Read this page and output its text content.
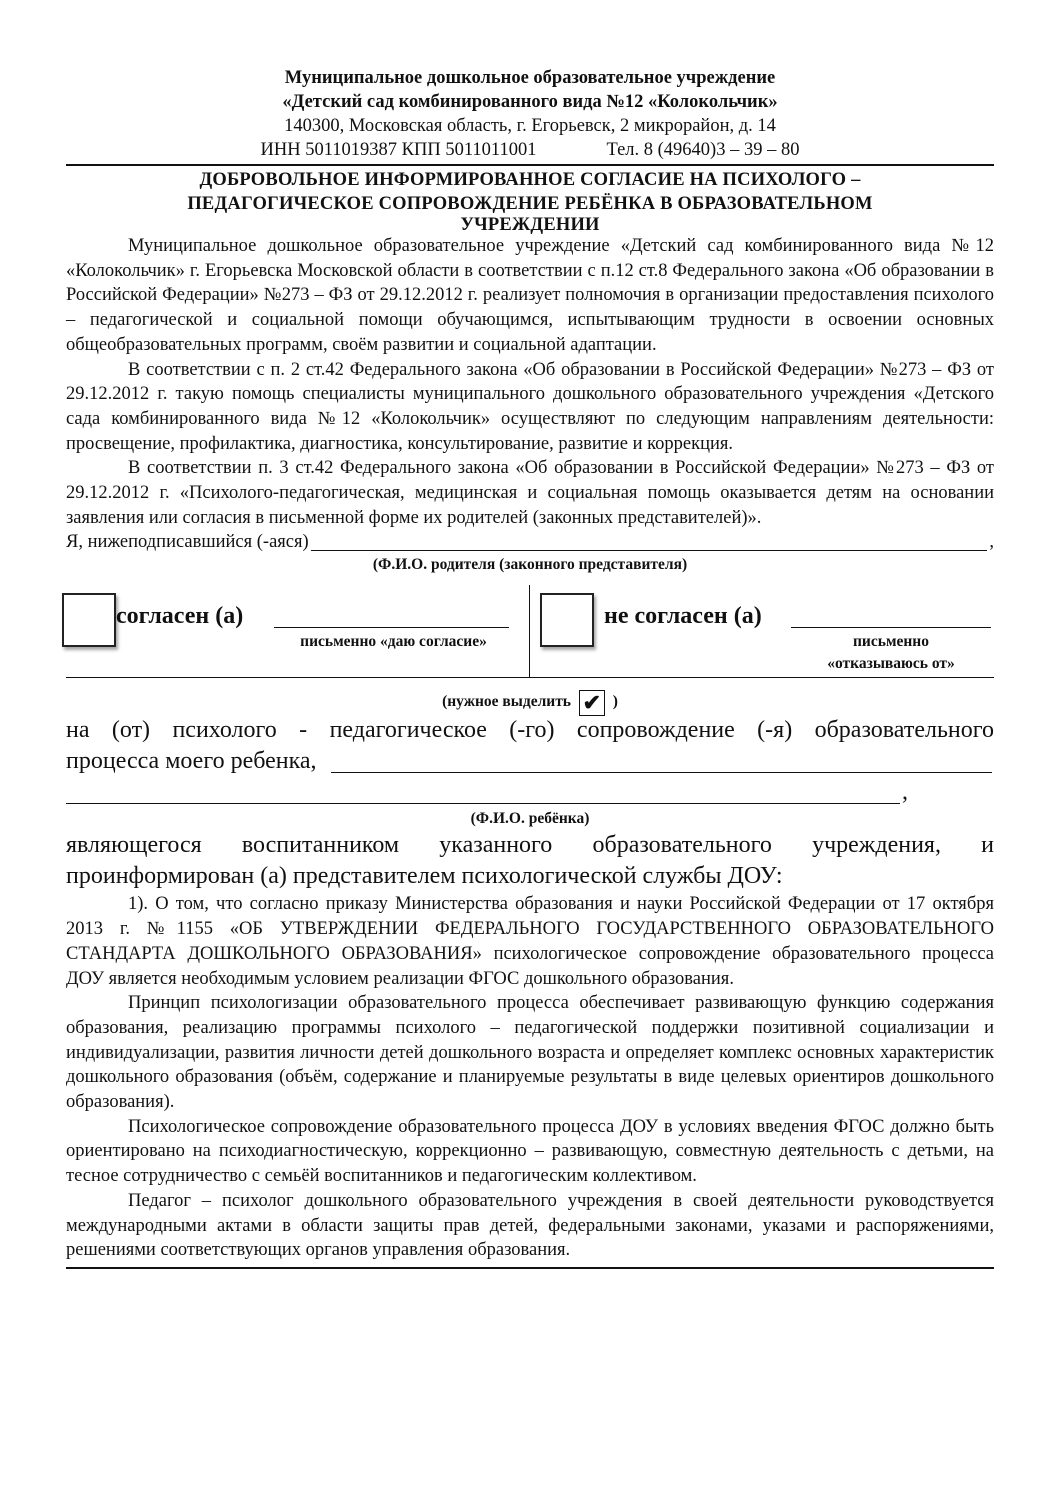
Муниципальное дошкольное образовательное учреждение
«Детский сад комбинированного вида №12 «Колокольчик»
140300, Московская область, г. Егорьевск, 2 микрорайон, д. 14
ИНН 5011019387 КПП 5011011001	Тел. 8 (49640)3 – 39 – 80
ДОБРОВОЛЬНОЕ ИНФОРМИРОВАННОЕ СОГЛАСИЕ НА ПСИХОЛОГО –
ПЕДАГОГИЧЕСКОЕ СОПРОВОЖДЕНИЕ РЕБЁНКА В ОБРАЗОВАТЕЛЬНОМ
УЧРЕЖДЕНИИ

Муниципальное дошкольное образовательное учреждение «Детский сад комбинированного вида №12 «Колокольчик» г. Егорьевска Московской области в соответствии с п.12 ст.8 Федерального закона «Об образовании в Российской Федерации» №273 – ФЗ от 29.12.2012 г. реализует полномочия в организации предоставления психолого – педагогической и социальной помощи обучающимся, испытывающим трудности в освоении основных общеобразовательных программ, своём развитии и социальной адаптации.

В соответствии с п. 2 ст.42 Федерального закона «Об образовании в Российской Федерации» №273 – ФЗ от 29.12.2012 г. такую помощь специалисты муниципального дошкольного образовательного учреждения «Детского сада комбинированного вида №12 «Колокольчик» осуществляют по следующим направлениям деятельности: просвещение, профилактика, диагностика, консультирование, развитие и коррекция.

В соответствии п. 3 ст.42 Федерального закона «Об образовании в Российской Федерации» №273 – ФЗ от 29.12.2012 г. «Психолого-педагогическая, медицинская и социальная помощь оказывается детям на основании заявления или согласия в письменной форме их родителей (законных представителей)».

Я, нижеподписавшийся (-аяся)	,
(Ф.И.О. родителя (законного представителя)
согласен (а)
письменно «даю согласие»
не согласен (а)
письменно
«отказываюсь от»
(нужное выделить ✔ )

на (от) психолого - педагогическое (-го) сопровождение (-я) образовательного

процесса моего ребенка,
,
(Ф.И.О. ребёнка)

являющегося воспитанником указанного образовательного учреждения, и

проинформирован (а) представителем психологической службы ДОУ:

1). О том, что согласно приказу Министерства образования и науки Российской Федерации от 17 октября 2013 г. №1155 «ОБ УТВЕРЖДЕНИИ ФЕДЕРАЛЬНОГО ГОСУДАРСТВЕННОГО ОБРАЗОВАТЕЛЬНОГО СТАНДАРТА ДОШКОЛЬНОГО ОБРАЗОВАНИЯ» психологическое сопровождение образовательного процесса ДОУ является необходимым условием реализации ФГОС дошкольного образования.

Принцип психологизации образовательного процесса обеспечивает развивающую функцию содержания образования, реализацию программы психолого – педагогической поддержки позитивной социализации и индивидуализации, развития личности детей дошкольного возраста и определяет комплекс основных характеристик дошкольного образования (объём, содержание и планируемые результаты в виде целевых ориентиров дошкольного образования).

Психологическое сопровождение образовательного процесса ДОУ в условиях введения ФГОС должно быть ориентировано на психодиагностическую, коррекционно – развивающую, совместную деятельность с детьми, на тесное сотрудничество с семьёй воспитанников и педагогическим коллективом.

Педагог – психолог дошкольного образовательного учреждения в своей деятельности руководствуется международными актами в области защиты прав детей, федеральными законами, указами и распоряжениями, решениями соответствующих органов управления образования.
